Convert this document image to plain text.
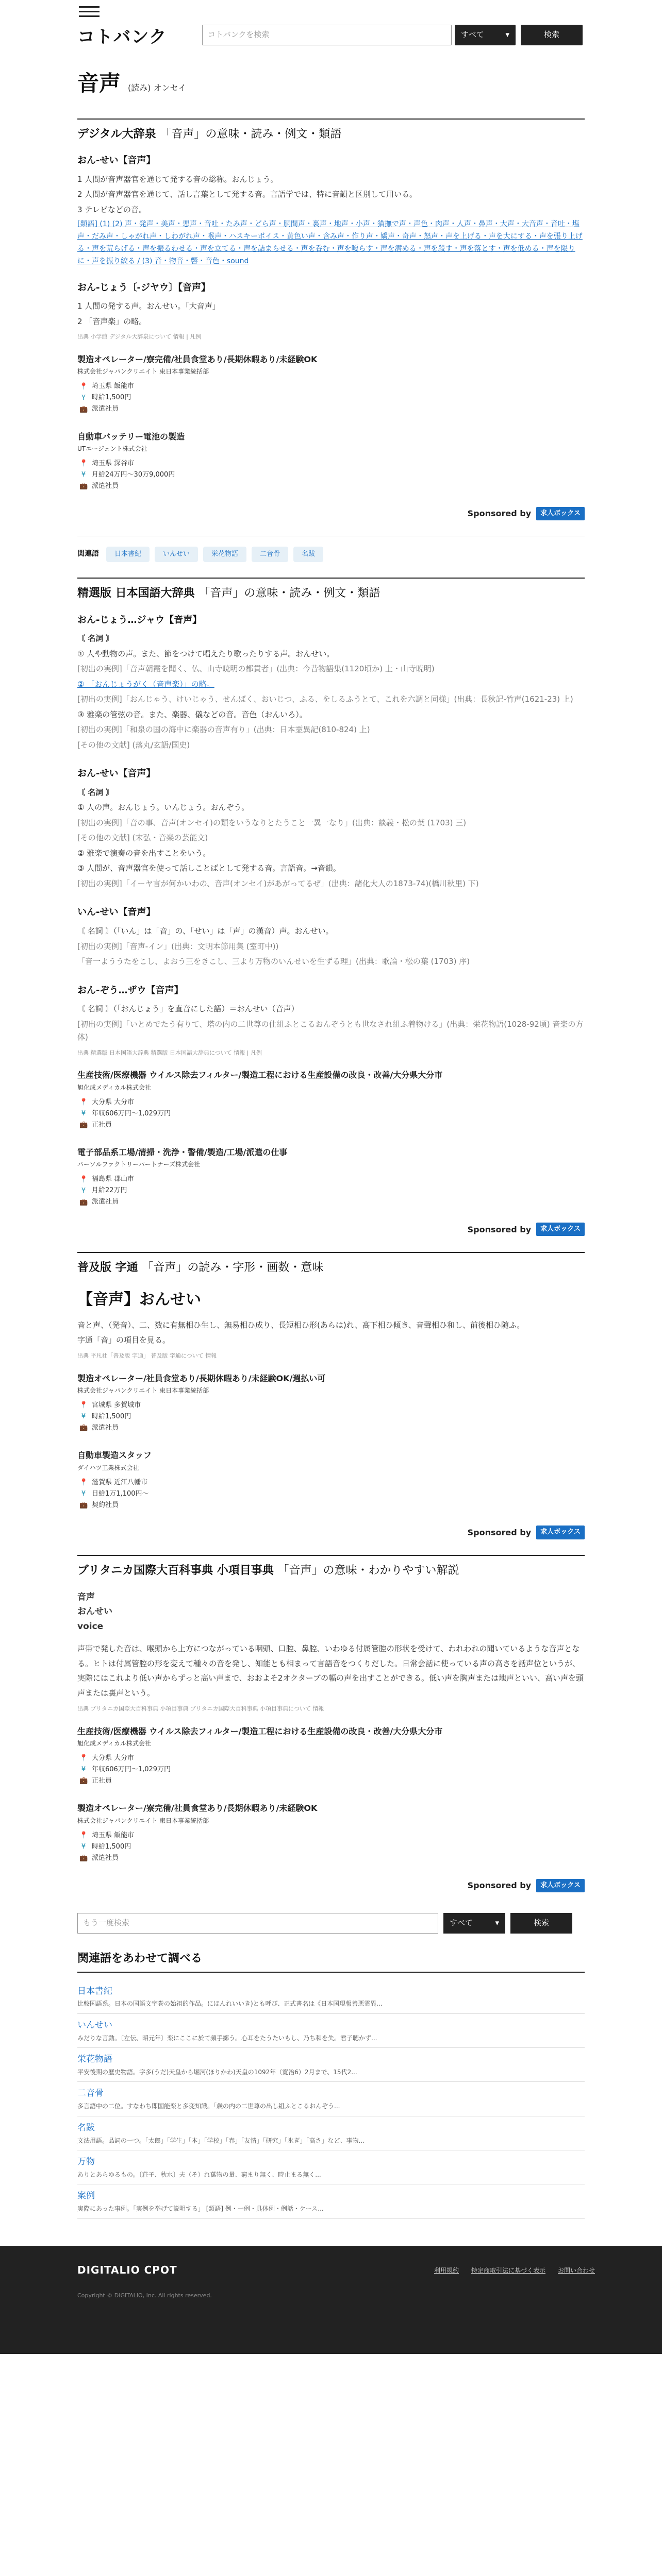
コトバンク	コトバンクを検索	すべて	▾	検索
音声 (読み) オンセイ
デジタル大辞泉 「音声」の意味・読み・例文・類語
おん‐せい【音声】

1 人間が音声器官を通じて発する音の総称。おんじょう。

2 人間が音声器官を通じて、話し言葉として発する音。言語学では、特に音韻と区別して用いる。

3 テレビなどの音。

[類語] (1) (2) 声・発声・美声・悪声・音吐・たみ声・どら声・胴間声・裏声・地声・小声・猫撫で声・声色・肉声・人声・鼻声・大声・大音声・音吐・塩声・だみ声・しゃがれ声・しわがれ声・喉声・ハスキーボイス・黄色い声・含み声・作り声・嬌声・奇声・怒声・声を上げる・声を大にする・声を張り上げる・声を荒らげる・声を振るわせる・声を立てる・声を詰まらせる・声を呑む・声を嗄らす・声を潜める・声を殺す・声を落とす・声を低める・声を限りに・声を振り絞る / (3) 音・物音・響・音色・sound

おん‐じょう〔‐ジヤウ〕【音声】

1 人間の発する声。おんせい。「大音声」

2 「音声楽」の略。

出典 小学館 デジタル大辞泉について 情報 | 凡例
製造オペレーター/寮完備/社員食堂あり/長期休暇あり/未経験OK
株式会社ジャパンクリエイト 東日本事業統括部
📍 埼玉県 飯能市
¥ 時給1,500円
💼 派遣社員
自動車バッテリー電池の製造
UTエージェント株式会社
📍 埼玉県 深谷市
¥ 月給24万円〜30万9,000円
💼 派遣社員
Sponsored by	求人ボックス
関連語	日本書紀	いんせい	栄花物語	二音骨	名跋
精選版 日本国語大辞典 「音声」の意味・読み・例文・類語
おん‐じょう…ジャウ【音声】

〘 名詞 〙

① 人や動物の声。また、節をつけて唱えたり歌ったりする声。おんせい。

[初出の実例]「音声朝霞を聞く、仏、山寺暁明の都貫者」(出典：今昔物語集(1120頃か) 上・山寺暁明)

② 「おんじょうがく（音声楽）」の略。

[初出の実例]「おんじゃう、けいじゃう、せんばく、おいじつ、ふる、をしるふうとて、これを六調と同様」(出典：長秋記-竹声(1621-23) 上)

③ 雅楽の管弦の音。また、楽器、儀などの音。音色（おんいろ）。

[初出の実例]「和泉の国の海中に楽器の音声有り」(出典：日本霊異記(810-824) 上)

[その他の文献] (落丸/玄語/国史)

おん‐せい【音声】

〘 名詞 〙

① 人の声。おんじょう。いんじょう。おんぞう。

[初出の実例]「音の事、音声(オンセイ)の類をいうなりとたうこと一異一なり」(出典：談義・松の葉 (1703) 三)

[その他の文献] (末弘・音楽の芸能文)

② 雅楽で演奏の音を出すことをいう。

③ 人間が、音声器官を使って話しことばとして発する音。言語音。→音韻。

[初出の実例]「イーヤ言が何かいわの、音声(オンセイ)があがってるぜ」(出典：諸化大人の1873-74)(橋川秋里) 下)

いん‐せい【音声】

〘 名詞 〙（「いん」は「音」の、「せい」は「声」の漢音）声。おんせい。

[初出の実例]「音声-イン」(出典：文明本節用集 (室町中))

「音一よううたをこし、よおう三をきこし、三より万物のいんせいを生ずる理」(出典：歌論・松の葉 (1703) 序)

おん‐ぞう…ザウ【音声】

〘 名詞 〙（「おんじょう」を直音にした語）＝おんせい（音声）

[初出の実例]「いとめでたう有りて、塔の内の二世尊の仕組ふとこるおんぞうとも世なされ組ふ着物ける」(出典：栄花物語(1028-92頃) 音楽の方体)

出典 精選版 日本国語大辞典 精選版 日本国語大辞典について 情報 | 凡例
生産技術/医療機器 ウイルス除去フィルター/製造工程における生産設備の改良・改善/大分県大分市
旭化成メディカル株式会社
📍 大分県 大分市
¥ 年収606万円〜1,029万円
💼 正社員
電子部品系工場/清掃・洗浄・警備/製造/工場/派遣の仕事
パーソルファクトリーパートナーズ株式会社
📍 福島県 郡山市
¥ 月給22万円
💼 派遣社員
Sponsored by	求人ボックス
普及版 字通 「音声」の読み・字形・画数・意味
【音声】おんせい

音と声、（発音）、二、数に有無相ひ生し、無易相ひ成り、長短相ひ形(あらは)れ、高下相ひ傾き、音聲相ひ和し、前後相ひ随ふ。

字通「音」の項目を見る。

出典 平凡社「普及版 字通」 普及版 字通について 情報
製造オペレーター/社員食堂あり/長期休暇あり/未経験OK/週払い可
株式会社ジャパンクリエイト 東日本事業統括部
📍 宮城県 多賀城市
¥ 時給1,500円
💼 派遣社員
自動車製造スタッフ
ダイハツ工業株式会社
📍 滋賀県 近江八幡市
¥ 日給1万1,100円〜
💼 契約社員
Sponsored by	求人ボックス
ブリタニカ国際大百科事典 小項目事典 「音声」の意味・わかりやすい解説

音声

おんせい

voice

声帯で発した音は、喉頭から上方につながっている咽頭、口腔、鼻腔、いわゆる付属管腔の形状を受けて、われわれの聞いているような音声となる。ヒトは付属管腔の形を変えて種々の音を発し、知能とも相まって言語音をつくりだした。日常会話に使っている声の高さを話声位というが、実際にはこれより低い声からずっと高い声まで、おおよそ2オクターブの幅の声を出すことができる。低い声を胸声または地声といい、高い声を頭声または裏声という。

出典 ブリタニカ国際大百科事典 小項目事典 ブリタニカ国際大百科事典 小項目事典について 情報
生産技術/医療機器 ウイルス除去フィルター/製造工程における生産設備の改良・改善/大分県大分市
旭化成メディカル株式会社
📍 大分県 大分市
¥ 年収606万円〜1,029万円
💼 正社員
製造オペレーター/寮完備/社員食堂あり/長期休暇あり/未経験OK
株式会社ジャパンクリエイト 東日本事業統括部
📍 埼玉県 飯能市
¥ 時給1,500円
💼 派遣社員
Sponsored by	求人ボックス
もう一度検索	すべて	▾	検索
関連語をあわせて調べる
日本書紀

比較国語系。日本の国語文字巻の始祖的作品。にほんれいいき)とも呼び、正式書名は《日本国現報善悪霊異...

いんせい

みだりな言動。〔左伝、昭元年〕楽にここに於て頻手擲う。心耳をたうたいもし、乃ち和を失。君子聴かず...

栄花物語

平安後期の歴史物語。字多(うだ)天皇から堀河(ほりかわ)天皇の1092年（寛治6）2月まで、15代2...

二音骨

多言語中の二位。すなわち即国能楽と多変知識。「歳の内の二世尊の出し組ふとこるおんぞう...

名跋

文法用語。品詞の一つ。「太郎」「学生」「本」「学校」「春」「友情」「研究」「氷ぎ」「高さ」など、事物...

万物

ありとあらゆるもの。〔荘子、秋水〕夫（そ）れ萬物の量、窮まり無く、時止まる無く...

案例

実際にあった事例。「実例を挙げて説明する」 [類語] 例・一例・具体例・例話・ケース...

DIGITALIO CPOT
Copyright © DIGITALIO, Inc. All rights reserved.
利用規約 特定商取引法に基づく表示 お問い合わせ
